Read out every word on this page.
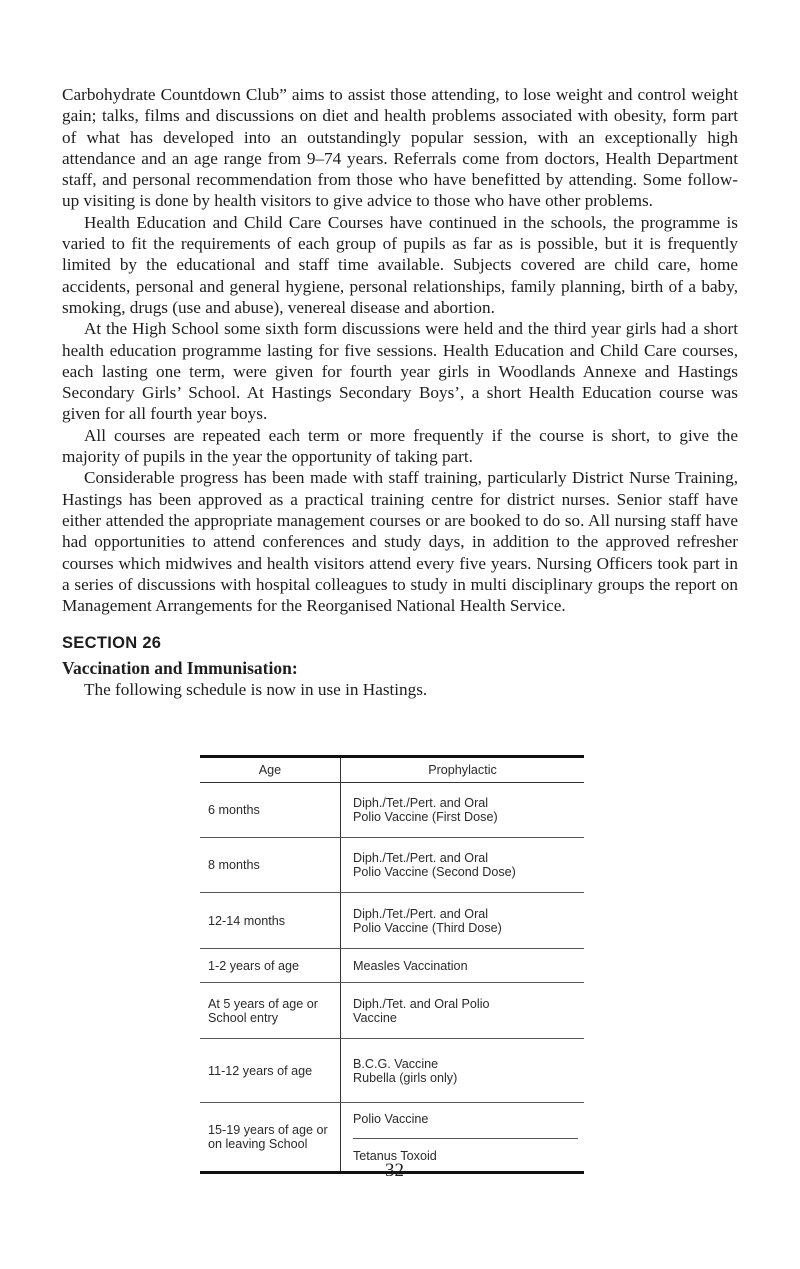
Carbohydrate Countdown Club” aims to assist those attending, to lose weight and control weight gain; talks, films and discussions on diet and health problems associated with obesity, form part of what has developed into an outstandingly popular session, with an exceptionally high attendance and an age range from 9–74 years. Referrals come from doctors, Health Department staff, and personal recommendation from those who have benefitted by attending. Some follow-up visiting is done by health visitors to give advice to those who have other problems.

Health Education and Child Care Courses have continued in the schools, the programme is varied to fit the requirements of each group of pupils as far as is possible, but it is frequently limited by the educational and staff time available. Subjects covered are child care, home accidents, personal and general hygiene, personal relationships, family planning, birth of a baby, smoking, drugs (use and abuse), venereal disease and abortion.

At the High School some sixth form discussions were held and the third year girls had a short health education programme lasting for five sessions. Health Education and Child Care courses, each lasting one term, were given for fourth year girls in Woodlands Annexe and Hastings Secondary Girls’ School. At Hastings Secondary Boys’, a short Health Education course was given for all fourth year boys.

All courses are repeated each term or more frequently if the course is short, to give the majority of pupils in the year the opportunity of taking part.

Considerable progress has been made with staff training, particularly District Nurse Training, Hastings has been approved as a practical training centre for district nurses. Senior staff have either attended the appropriate management courses or are booked to do so. All nursing staff have had opportunities to attend conferences and study days, in addition to the approved refresher courses which midwives and health visitors attend every five years. Nursing Officers took part in a series of discussions with hospital colleagues to study in multi disciplinary groups the report on Management Arrangements for the Reorganised National Health Service.

SECTION 26

Vaccination and Immunisation:

The following schedule is now in use in Hastings.

Age	Prophylactic
6 months	Diph./Tet./Pert. and Oral
Polio Vaccine (First Dose)

8 months	Diph./Tet./Pert. and Oral
Polio Vaccine (Second Dose)

12-14 months	Diph./Tet./Pert. and Oral
Polio Vaccine (Third Dose)

1-2 years of age	Measles Vaccination

At 5 years of age or School entry	Diph./Tet. and Oral Polio
Vaccine

11-12 years of age	B.C.G. Vaccine
Rubella (girls only)

15-19 years of age or on leaving School	Polio Vaccine
Tetanus Toxoid
32
